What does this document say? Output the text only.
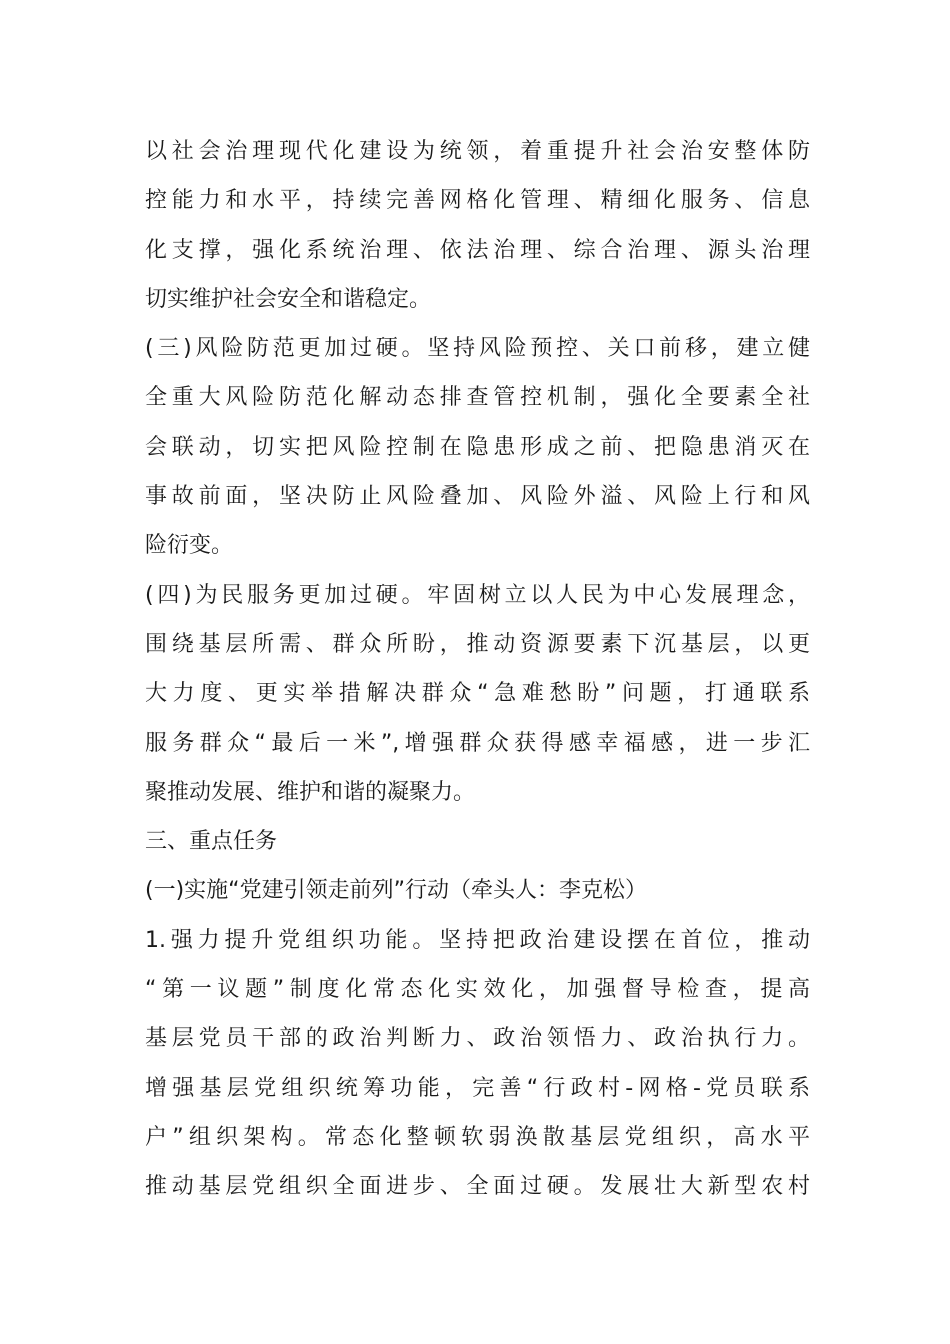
以社会治理现代化建设为统领，着重提升社会治安整体防
控能力和水平，持续完善网格化管理、精细化服务、信息
化支撑，强化系统治理、依法治理、综合治理、源头治理
切实维护社会安全和谐稳定。
(三)风险防范更加过硬。坚持风险预控、关口前移，建立健
全重大风险防范化解动态排查管控机制，强化全要素全社
会联动，切实把风险控制在隐患形成之前、把隐患消灭在
事故前面，坚决防止风险叠加、风险外溢、风险上行和风
险衍变。
(四)为民服务更加过硬。牢固树立以人民为中心发展理念，
围绕基层所需、群众所盼，推动资源要素下沉基层，以更
大力度、更实举措解决群众“急难愁盼”问题，打通联系
服务群众“最后一米”,增强群众获得感幸福感，进一步汇
聚推动发展、维护和谐的凝聚力。
三、重点任务
(一)实施“党建引领走前列”行动（牵头人：李克松）
1.强力提升党组织功能。坚持把政治建设摆在首位，推动
“第一议题”制度化常态化实效化，加强督导检查，提高
基层党员干部的政治判断力、政治领悟力、政治执行力。
增强基层党组织统筹功能，完善“行政村-网格-党员联系
户”组织架构。常态化整顿软弱涣散基层党组织，高水平
推动基层党组织全面进步、全面过硬。发展壮大新型农村
